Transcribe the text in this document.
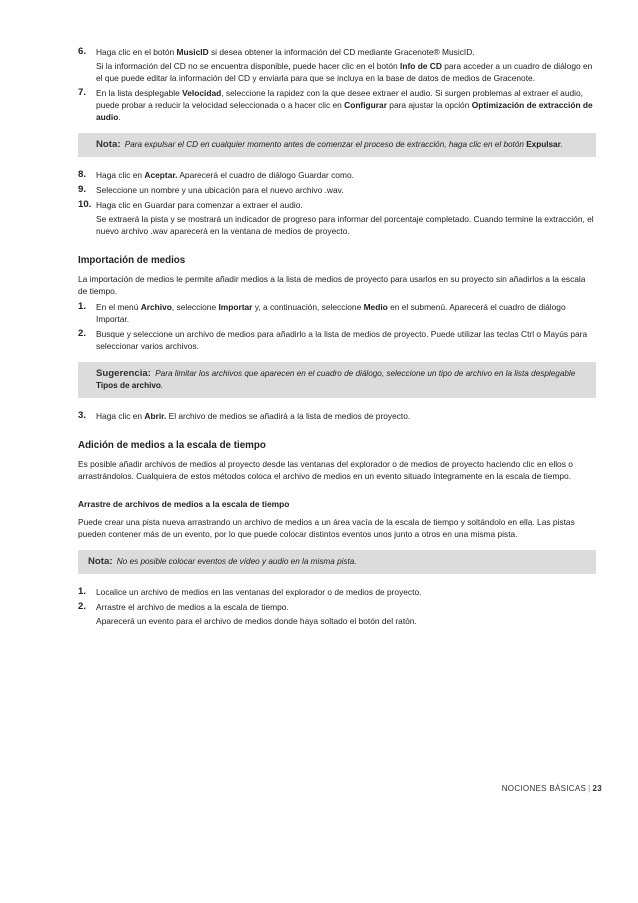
6. Haga clic en el botón MusicID si desea obtener la información del CD mediante Gracenote® MusicID.
Si la información del CD no se encuentra disponible, puede hacer clic en el botón Info de CD para acceder a un cuadro de diálogo en el que puede editar la información del CD y enviarla para que se incluya en la base de datos de medios de Gracenote.
7. En la lista desplegable Velocidad, seleccione la rapidez con la que desee extraer el audio. Si surgen problemas al extraer el audio, puede probar a reducir la velocidad seleccionada o a hacer clic en Configurar para ajustar la opción Optimización de extracción de audio.
Nota: Para expulsar el CD en cualquier momento antes de comenzar el proceso de extracción, haga clic en el botón Expulsar.
8. Haga clic en Aceptar. Aparecerá el cuadro de diálogo Guardar como.
9. Seleccione un nombre y una ubicación para el nuevo archivo .wav.
10. Haga clic en Guardar para comenzar a extraer el audio.
Se extraerá la pista y se mostrará un indicador de progreso para informar del porcentaje completado. Cuando termine la extracción, el nuevo archivo .wav aparecerá en la ventana de medios de proyecto.
Importación de medios

La importación de medios le permite añadir medios a la lista de medios de proyecto para usarlos en su proyecto sin añadirlos a la escala de tiempo.

1. En el menú Archivo, seleccione Importar y, a continuación, seleccione Medio en el submenú. Aparecerá el cuadro de diálogo Importar.
2. Busque y seleccione un archivo de medios para añadirlo a la lista de medios de proyecto. Puede utilizar las teclas Ctrl o Mayús para seleccionar varios archivos.
Sugerencia: Para limitar los archivos que aparecen en el cuadro de diálogo, seleccione un tipo de archivo en la lista desplegable Tipos de archivo.
3. Haga clic en Abrir. El archivo de medios se añadirá a la lista de medios de proyecto.
Adición de medios a la escala de tiempo

Es posible añadir archivos de medios al proyecto desde las ventanas del explorador o de medios de proyecto haciendo clic en ellos o arrastrándolos. Cualquiera de estos métodos coloca el archivo de medios en un evento situado íntegramente en la escala de tiempo.

Arrastre de archivos de medios a la escala de tiempo

Puede crear una pista nueva arrastrando un archivo de medios a un área vacía de la escala de tiempo y soltándolo en ella. Las pistas pueden contener más de un evento, por lo que puede colocar distintos eventos unos junto a otros en una misma pista.

Nota: No es posible colocar eventos de vídeo y audio en la misma pista.
1. Localice un archivo de medios en las ventanas del explorador o de medios de proyecto.
2. Arrastre el archivo de medios a la escala de tiempo.
Aparecerá un evento para el archivo de medios donde haya soltado el botón del ratón.
NOCIONES BÁSICAS | 23
